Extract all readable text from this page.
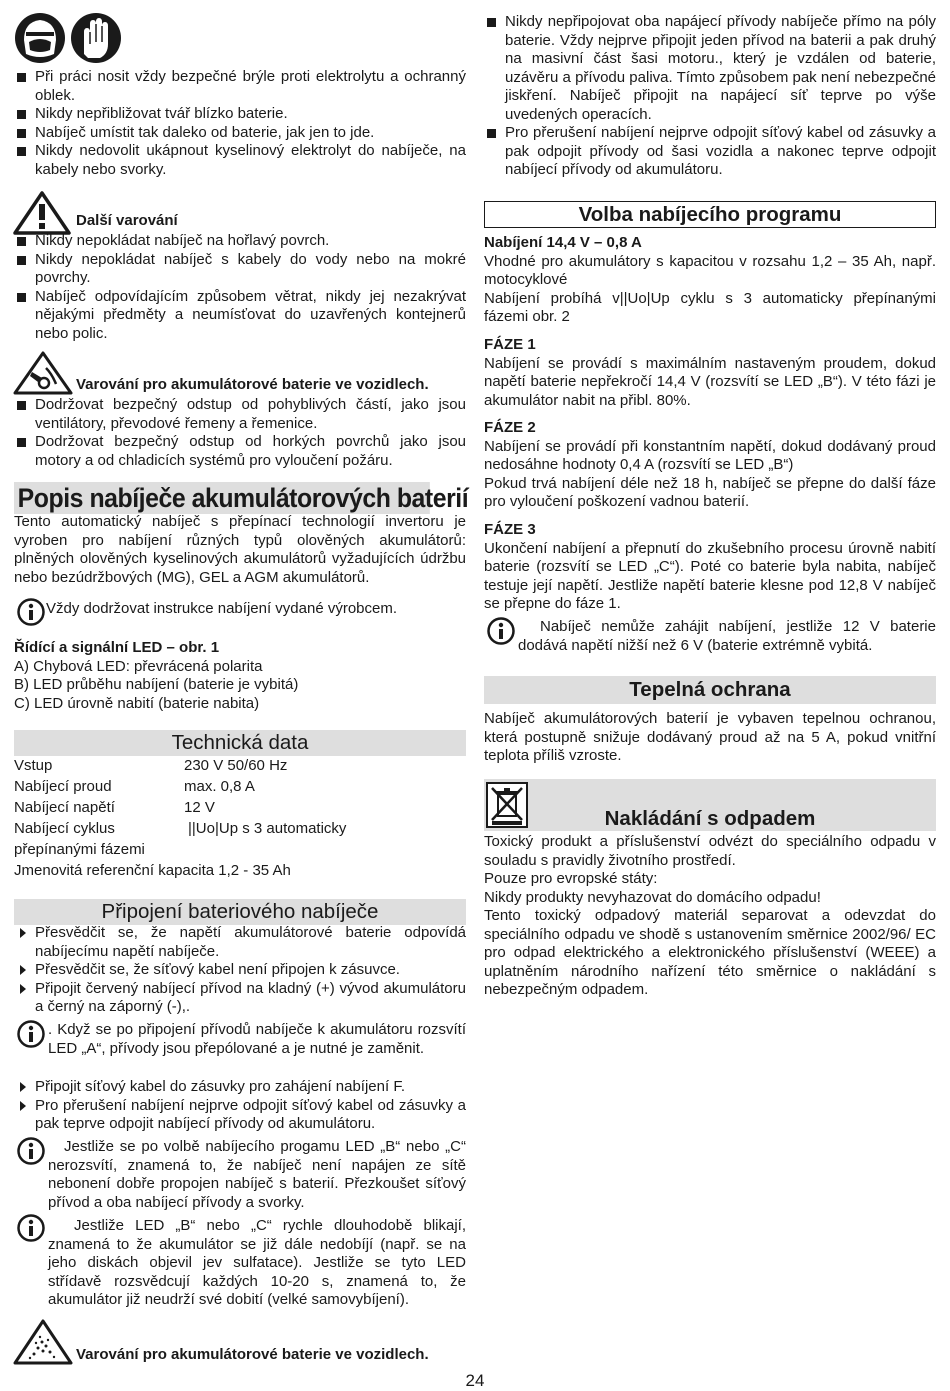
Při práci nosit vždy bezpečné brýle proti elektrolytu a ochranný oblek.

Nikdy nepřibližovat tvář blízko baterie.

Nabíječ umístit tak daleko od baterie, jak jen to jde.

Nikdy nedovolit ukápnout kyselinový elektrolyt do nabíječe, na kabely nebo svorky.

Další varování

Nikdy nepokládat nabíječ na hořlavý povrch.

Nikdy nepokládat nabíječ s kabely do vody nebo na mokré povrchy.

Nabíječ odpovídajícím způsobem větrat, nikdy jej nezakrývat nějakými předměty a neumísťovat do uzavřených kontejnerů nebo polic.

Varování pro akumulátorové baterie ve vozidlech.

Dodržovat bezpečný odstup od pohyblivých částí, jako jsou ventilátory, převodové řemeny a řemenice.

Dodržovat bezpečný odstup od horkých povrchů jako jsou motory a od chladicích systémů pro vyloučení požáru.

Popis nabíječe akumulátorových baterií

Tento automatický nabíječ s přepínací technologií invertoru je vyroben pro nabíjení různých typů olověných akumulátorů: plněných olověných kyselinových akumulátorů vyžadujících údržbu nebo bezúdržbových (MG), GEL a AGM akumulátorů.

Vždy dodržovat instrukce nabíjení vydané výrobcem.

Řídící a signální LED – obr. 1

A) Chybová LED: převrácená polarita

B) LED průběhu nabíjení (baterie je vybitá)

C) LED úrovně nabití (baterie nabita)

Technická data
Vstup	230 V 50/60 Hz
Nabíjecí proud	max. 0,8 A
Nabíjecí napětí	12 V
Nabíjecí cyklus	||Uo|Up s 3 automaticky
přepínanými fázemi	
Jmenovitá referenční kapacita 1,2 - 35 Ah	
Připojení bateriového nabíječe

Přesvědčit se, že napětí akumulátorové baterie odpovídá nabíjecímu napětí nabíječe.

Přesvědčit se, že síťový kabel není připojen k zásuvce.

Připojit červený nabíjecí přívod na kladný (+) vývod akumulátoru a černý na záporný (-),.

. Když se po připojení přívodů nabíječe k akumulátoru rozsvítí LED „A“, přívody jsou přepólované a je nutné je zaměnit.

Připojit síťový kabel do zásuvky pro zahájení nabíjení F.

Pro přerušení nabíjení nejprve odpojit síťový kabel od zásuvky a pak teprve odpojit nabíjecí přívody od akumulátoru.

Jestliže se po volbě nabíjecího progamu LED „B“ nebo „C“ nerozsvítí, znamená to, že nabíječ není napájen ze sítě nebonení dobře propojen nabíječ s baterií. Přezkoušet síťový přívod a oba nabíjecí přívody a svorky.

Jestliže LED „B“ nebo „C“ rychle dlouhodobě blikají, znamená to že akumulátor se již dále nedobíjí (např. se na jeho diskách objevil jev sulfatace). Jestliže se tyto LED střídavě rozsvědcují každých 10-20 s, znamená to, že akumulátor již neudrží své dobití (velké samovybíjení).

Varování pro akumulátorové baterie ve vozidlech.

Nikdy nepřipojovat oba napájecí přívody nabíječe přímo na póly baterie. Vždy nejprve připojit jeden přívod na baterii a pak druhý na masivní část šasi motoru., který je vzdálen od baterie, uzávěru a přívodu paliva. Tímto způsobem pak není nebezpečné jiskření. Nabíječ připojit na napájecí síť teprve po výše uvedených operacích.

Pro přerušení nabíjení nejprve odpojit síťový kabel od zásuvky a pak odpojit přívody od šasi vozidla a nakonec teprve odpojit nabíjecí přívody od akumulátoru.

Volba nabíjecího programu

Nabíjení 14,4 V – 0,8 A

Vhodné pro akumulátory s kapacitou v rozsahu 1,2 – 35 Ah, např. motocyklové

Nabíjení probíhá v||Uo|Up cyklu s 3 automaticky přepínanými fázemi obr. 2

FÁZE 1

Nabíjení se provádí s maximálním nastaveným proudem, dokud napětí baterie nepřekročí 14,4 V (rozsvítí se LED „B“). V této fázi je akumulátor nabit na přibl. 80%.

FÁZE 2

Nabíjení se provádí při konstantním napětí, dokud dodávaný proud nedosáhne hodnoty 0,4 A (rozsvítí se LED „B“)

Pokud trvá nabíjení déle než 18 h, nabíječ se přepne do další fáze pro vyloučení poškození vadnou baterií.

FÁZE 3

Ukončení nabíjení a přepnutí do zkušebního procesu úrovně nabití baterie (rozsvítí se LED „C“). Poté co baterie byla nabita, nabíječ testuje její napětí. Jestliže napětí baterie klesne pod 12,8 V nabíječ se přepne do fáze 1.

Nabíječ nemůže zahájit nabíjení, jestliže 12 V baterie dodává napětí nižší než 6 V (baterie extrémně vybitá.

Tepelná ochrana

Nabíječ akumulátorových baterií je vybaven tepelnou ochranou, která postupně snižuje dodávaný proud až na 5 A, pokud vnitřní teplota příliš vzroste.

Nakládání s odpadem

Toxický produkt a příslušenství odvézt do speciálního odpadu v souladu s pravidly životního prostředí.

Pouze pro evropské státy:

Nikdy produkty nevyhazovat do domácího odpadu!

Tento toxický odpadový materiál separovat a odevzdat do speciálního odpadu ve shodě s ustanovením směrnice 2002/96/ EC pro odpad elektrického a elektronického příslušenství (WEEE) a uplatněním národního nařízení této směrnice o nakládání s nebezpečným odpadem.

24
